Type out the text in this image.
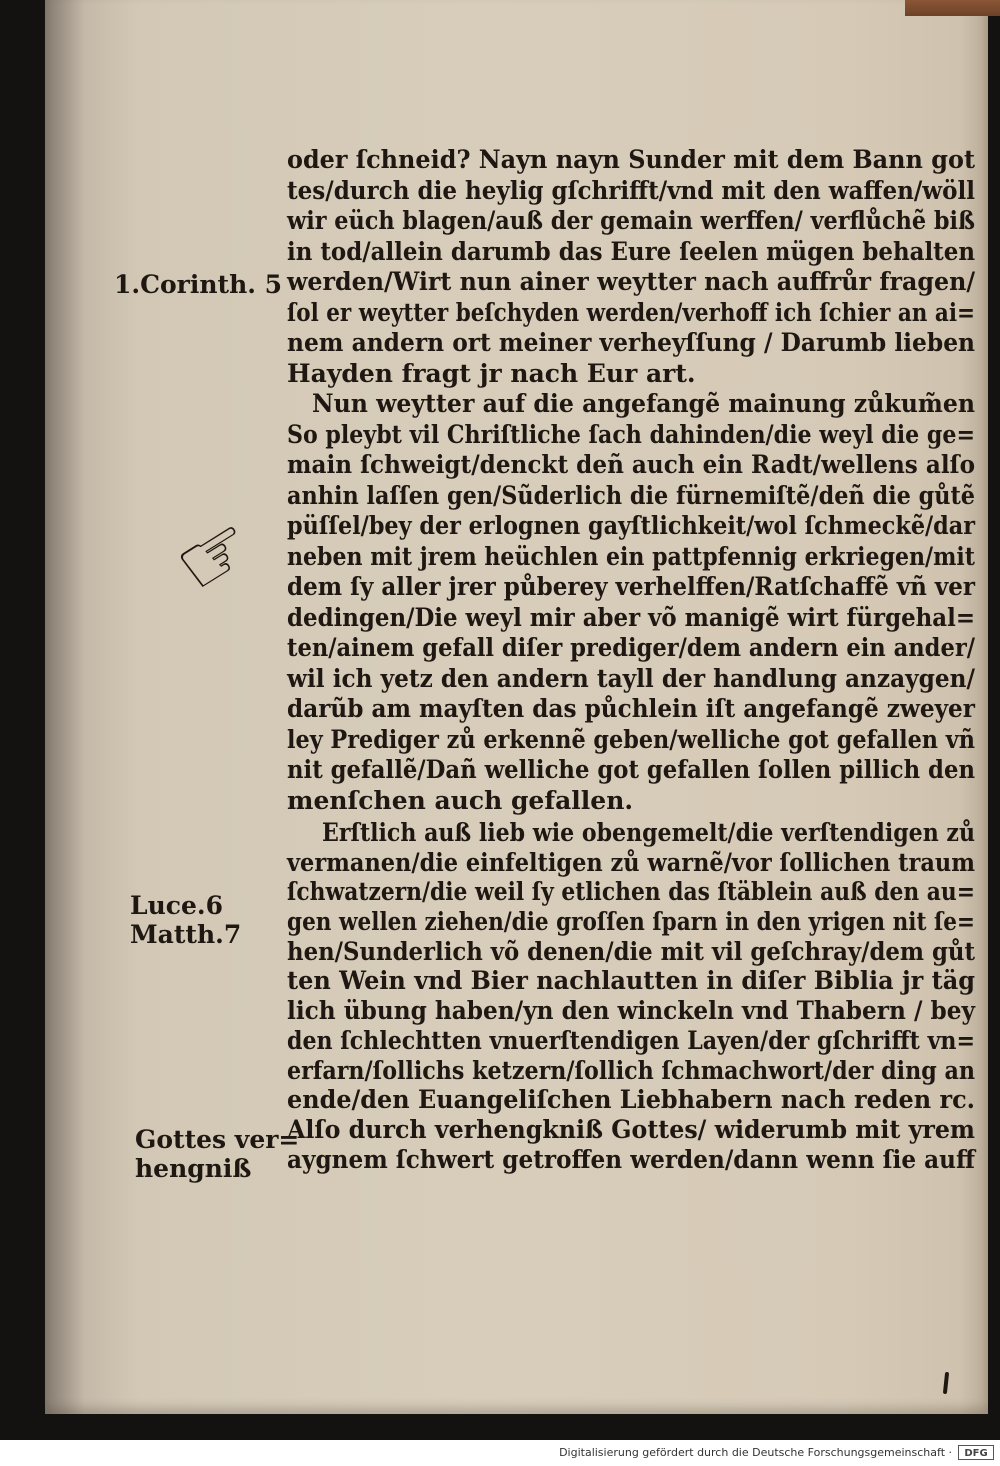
oder ſchneid? Nayn nayn Sunder mit dem Bann got
tes/durch die heylig gſchrifft/vnd mit den waffen/wöll
wir eüch blagen/auß der gemain werffen/ verflůchẽ biß
in tod/allein darumb das Eure ſeelen mügen behalten
werden/Wirt nun ainer weytter nach auffrůr fragen/
ſol er weytter beſchyden werden/verhoff ich ſchier an ai=
nem andern ort meiner verheyſſung / Darumb lieben
Hayden fragt jr nach Eur art.
Nun weytter auf die angefangẽ mainung zůkum̃en
So pleybt vil Chriſtliche ſach dahinden/die weyl die ge=
main ſchweigt/denckt deñ auch ein Radt/wellens alſo
anhin laſſen gen/Sũderlich die fürnemiſtẽ/deñ die gůtẽ
püſſel/bey der erlognen gayſtlichkeit/wol ſchmeckẽ/dar
neben mit jrem heüchlen ein pattpfennig erkriegen/mit
dem ſy aller jrer půberey verhelffen/Ratſchaffẽ vñ ver
dedingen/Die weyl mir aber võ manigẽ wirt fürgehal=
ten/ainem gefall diſer prediger/dem andern ein ander/
wil ich yetz den andern tayll der handlung anzaygen/
darũb am mayſten das půchlein iſt angefangẽ zweyer
ley Prediger zů erkennẽ geben/welliche got gefallen vñ
nit gefallẽ/Dañ welliche got gefallen ſollen pillich den
menſchen auch gefallen.
Erſtlich auß lieb wie obengemelt/die verſtendigen zů
vermanen/die einfeltigen zů warnẽ/vor ſollichen traum
ſchwatzern/die weil ſy etlichen das ſtäblein auß den au=
gen wellen ziehen/die groſſen ſparn in den yrigen nit ſe=
hen/Sunderlich võ denen/die mit vil geſchray/dem gůt
ten Wein vnd Bier nachlautten in diſer Biblia jr täg
lich übung haben/yn den winckeln vnd Thabern / bey
den ſchlechtten vnuerſtendigen Layen/der gſchrifft vn=
erfarn/ſollichs ketzern/ſollich ſchmachwort/der ding an
ende/den Euangeliſchen Liebhabern nach reden rc.
Alſo durch verhengkniß Gottes/ widerumb mit yrem
aygnem ſchwert getroffen werden/dann wenn ſie auff
1.Corinth. 5
Luce.6
Matth.7
Gottes ver=
hengniß
☞
Digitalisierung gefördert durch die Deutsche Forschungsgemeinschaft ·	DFG
